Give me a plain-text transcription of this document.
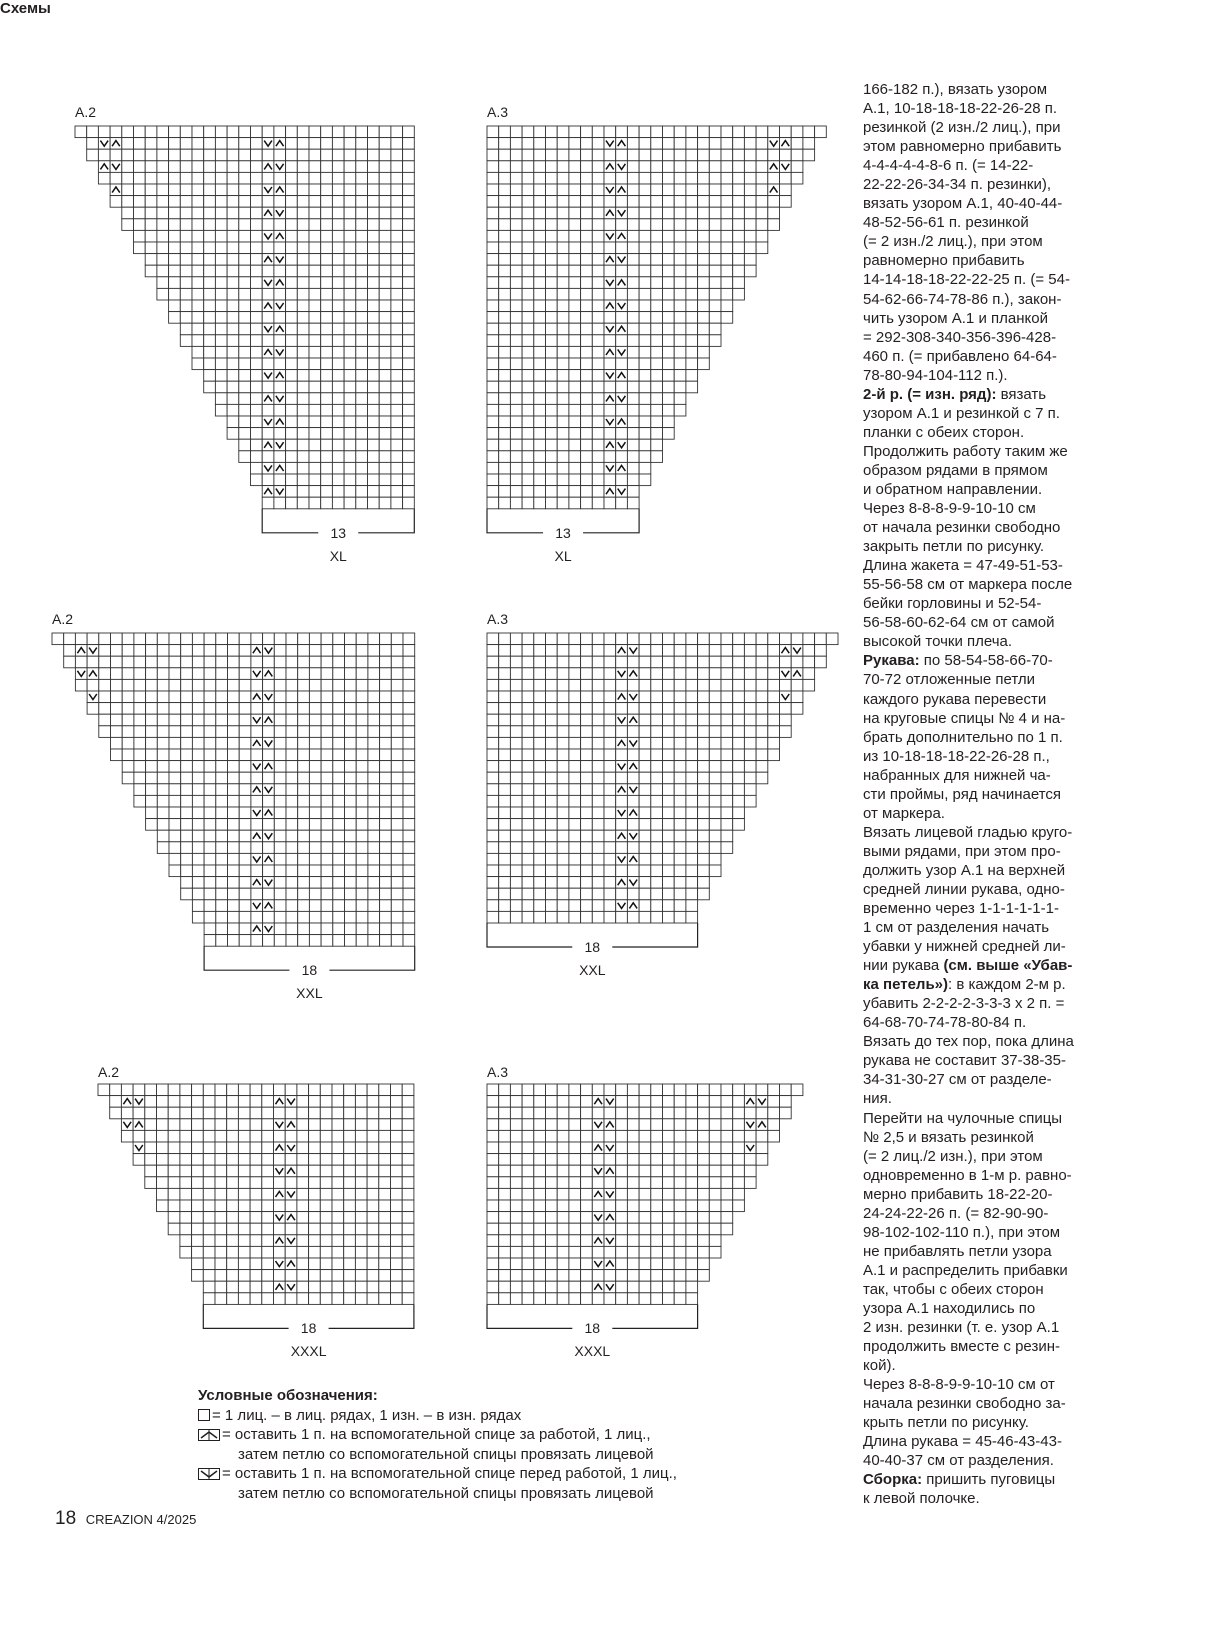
Схемы
A.2
13
XL
A.3
13
XL
A.2
18
XXL
A.3
18
XXL
A.2
18
XXXL
A.3
18
XXXL
166-182 п.), вязать узором
А.1, 10-18-18-18-22-26-28 п.
резинкой (2 изн./2 лиц.), при
этом равномерно прибавить
4-4-4-4-4-8-6 п. (= 14-22-
22-22-26-34-34 п. резинки),
вязать узором А.1, 40-40-44-
48-52-56-61 п. резинкой
(= 2 изн./2 лиц.), при этом
равномерно прибавить
14-14-18-18-22-22-25 п. (= 54-
54-62-66-74-78-86 п.), закон-
чить узором А.1 и планкой
= 292-308-340-356-396-428-
460 п. (= прибавлено 64-64-
78-80-94-104-112 п.).
2-й р. (= изн. ряд): вязать
узором А.1 и резинкой с 7 п.
планки с обеих сторон.
Продолжить работу таким же
образом рядами в прямом
и обратном направлении.
Через 8-8-8-9-9-10-10 см
от начала резинки свободно
закрыть петли по рисунку.
Длина жакета = 47-49-51-53-
55-56-58 см от маркера после
бейки горловины и 52-54-
56-58-60-62-64 см от самой
высокой точки плеча.
Рукава: по 58-54-58-66-70-
70-72 отложенные петли
каждого рукава перевести
на круговые спицы № 4 и на-
брать дополнительно по 1 п.
из 10-18-18-18-22-26-28 п.,
набранных для нижней ча-
сти проймы, ряд начинается
от маркера.
Вязать лицевой гладью круго-
выми рядами, при этом про-
должить узор А.1 на верхней
средней линии рукава, одно-
временно через 1-1-1-1-1-1-
1 см от разделения начать
убавки у нижней средней ли-
нии рукава (см. выше «Убав-
ка петель»): в каждом 2-м р.
убавить 2-2-2-2-3-3-3 x 2 п. =
64-68-70-74-78-80-84 п.
Вязать до тех пор, пока длина
рукава не составит 37-38-35-
34-31-30-27 см от разделе-
ния.
Перейти на чулочные спицы
№ 2,5 и вязать резинкой
(= 2 лиц./2 изн.), при этом
одновременно в 1-м р. равно-
мерно прибавить 18-22-20-
24-24-22-26 п. (= 82-90-90-
98-102-102-110 п.), при этом
не прибавлять петли узора
А.1 и распределить прибавки
так, чтобы с обеих сторон
узора А.1 находились по
2 изн. резинки (т. е. узор А.1
продолжить вместе с резин-
кой).
Через 8-8-8-9-9-10-10 см от
начала резинки свободно за-
крыть петли по рисунку.
Длина рукава = 45-46-43-43-
40-40-37 см от разделения.
Сборка: пришить пуговицы
к левой полочке.
Условные обозначения:
= 1 лиц. – в лиц. рядах, 1 изн. – в изн. рядах
= оставить 1 п. на вспомогательной спице за работой, 1 лиц.,
затем петлю со вспомогательной спицы провязать лицевой
= оставить 1 п. на вспомогательной спице перед работой, 1 лиц.,
затем петлю со вспомогательной спицы провязать лицевой
18 CREAZION 4/2025
